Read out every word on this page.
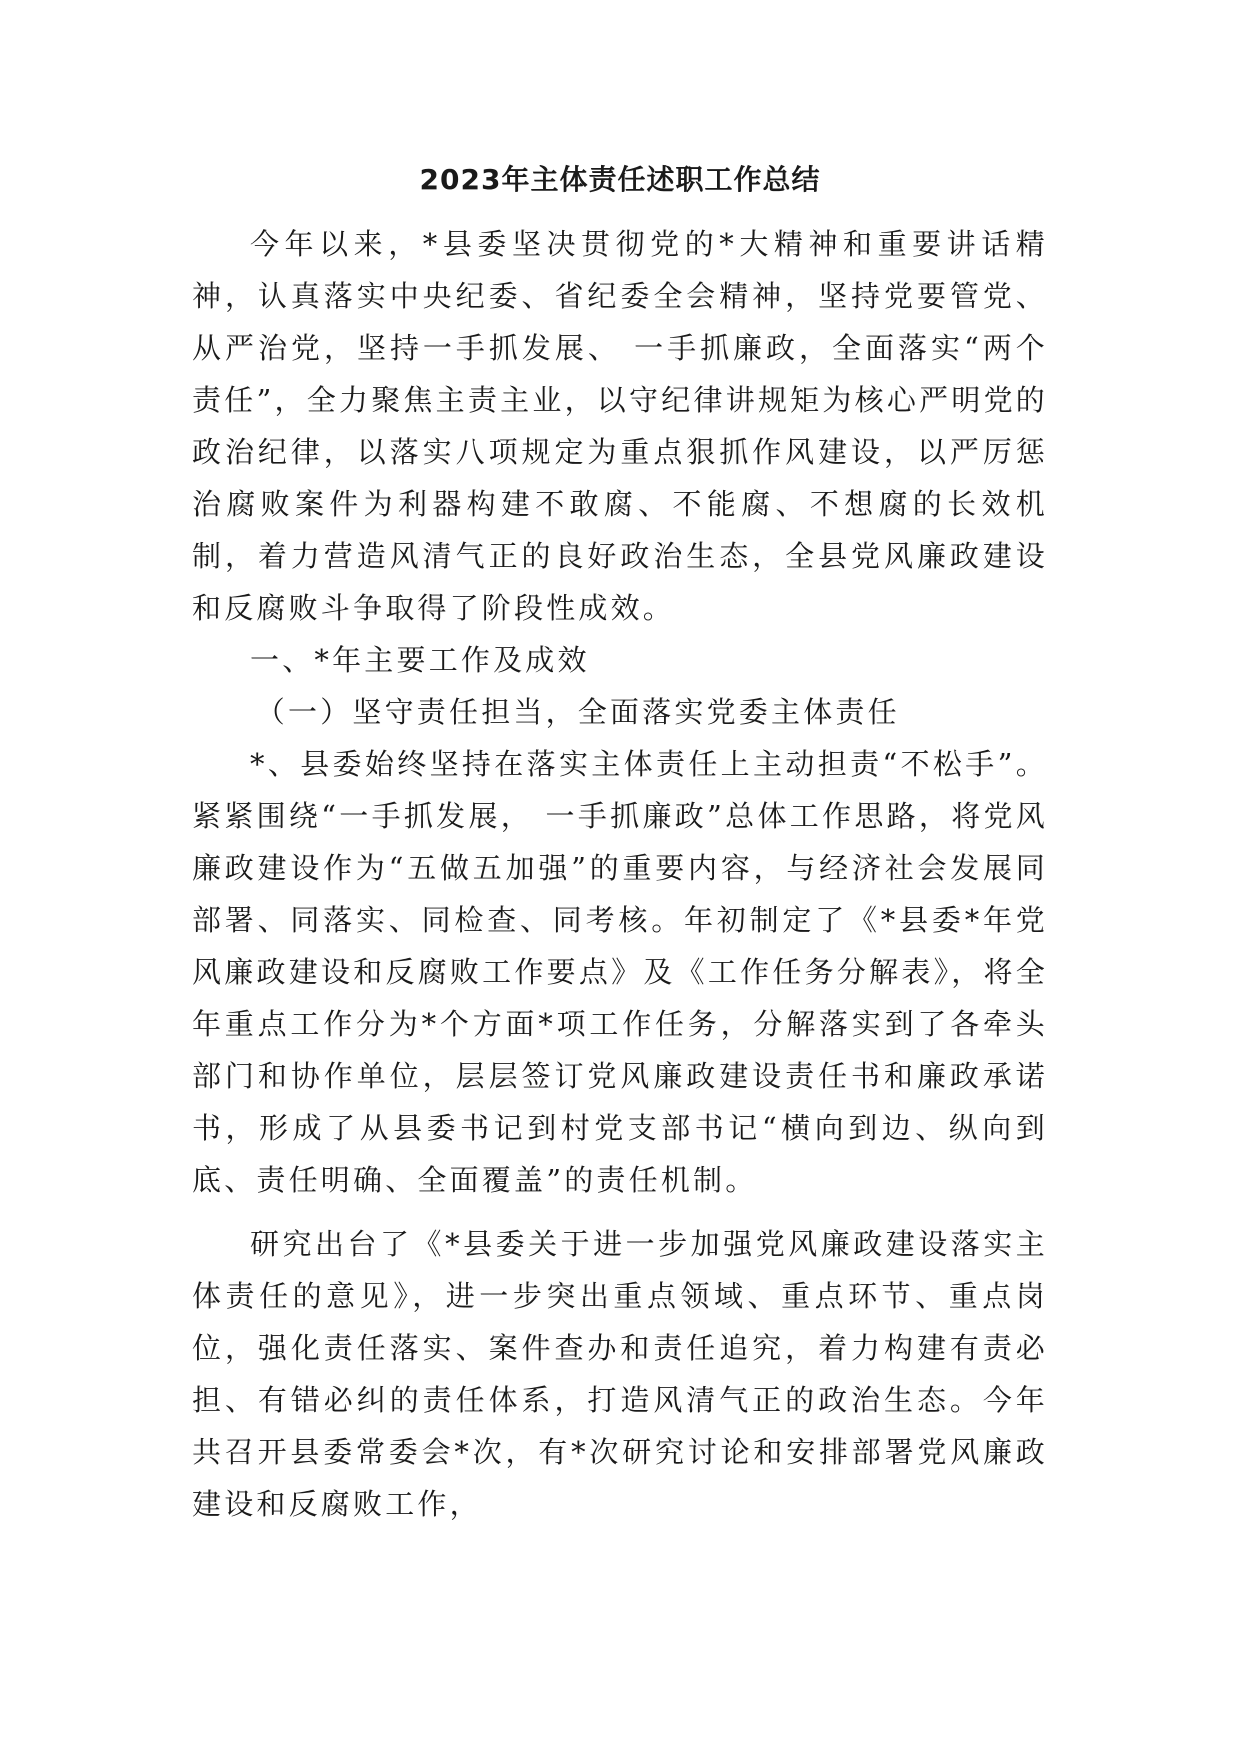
2023年主体责任述职工作总结

今年以来，*县委坚决贯彻党的*大精神和重要讲话精神，认真落实中央纪委、省纪委全会精神，坚持党要管党、从严治党，坚持一手抓发展、 一手抓廉政，全面落实“两个责任”，全力聚焦主责主业，以守纪律讲规矩为核心严明党的政治纪律，以落实八项规定为重点狠抓作风建设，以严厉惩治腐败案件为利器构建不敢腐、不能腐、不想腐的长效机制，着力营造风清气正的良好政治生态，全县党风廉政建设和反腐败斗争取得了阶段性成效。

一、*年主要工作及成效

（一）坚守责任担当，全面落实党委主体责任

*、县委始终坚持在落实主体责任上主动担责“不松手”。紧紧围绕“一手抓发展， 一手抓廉政”总体工作思路，将党风廉政建设作为“五做五加强”的重要内容，与经济社会发展同部署、同落实、同检查、同考核。年初制定了《*县委*年党风廉政建设和反腐败工作要点》及《工作任务分解表》，将全年重点工作分为*个方面*项工作任务，分解落实到了各牵头部门和协作单位，层层签订党风廉政建设责任书和廉政承诺书，形成了从县委书记到村党支部书记“横向到边、纵向到底、责任明确、全面覆盖”的责任机制。

研究出台了《*县委关于进一步加强党风廉政建设落实主体责任的意见》，进一步突出重点领域、重点环节、重点岗位，强化责任落实、案件查办和责任追究，着力构建有责必担、有错必纠的责任体系，打造风清气正的政治生态。今年共召开县委常委会*次，有*次研究讨论和安排部署党风廉政建设和反腐败工作，
